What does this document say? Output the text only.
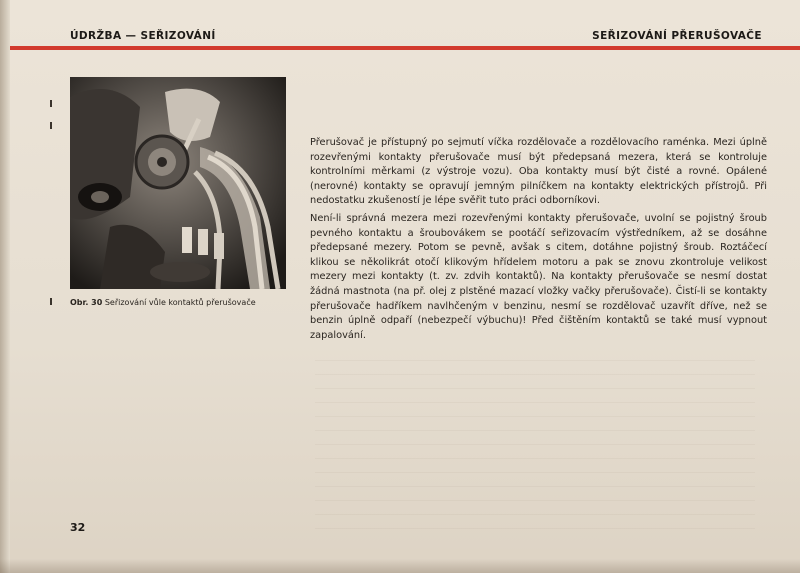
ÚDRŽBA — SEŘIZOVÁNÍ	SEŘIZOVÁNÍ PŘERUŠOVAČE
Obr. 30 Seřizování vůle kontaktů přerušovače

Přerušovač je přístupný po sejmutí víčka rozdělovače a rozdělovacího raménka. Mezi úplně rozevřenými kontakty přerušovače musí být předepsaná mezera, která se kontroluje kontrolními měrkami (z výstroje vozu). Oba kontakty musí být čisté a rovné. Opálené (nerovné) kontakty se opravují jemným pilníčkem na kontakty elektrických přístrojů. Při nedostatku zkušeností je lépe svěřit tuto práci odborníkovi.

Není-li správná mezera mezi rozevřenými kontakty přerušovače, uvolní se pojistný šroub pevného kontaktu a šroubovákem se pootáčí seřizovacím výstředníkem, až se dosáhne předepsané mezery. Potom se pevně, avšak s citem, dotáhne pojistný šroub. Roztáčecí klikou se několikrát otočí klikovým hřídelem motoru a pak se znovu zkontroluje velikost mezery mezi kontakty (t. zv. zdvih kontaktů). Na kontakty přerušovače se nesmí dostat žádná mastnota (na př. olej z plstěné mazací vložky vačky přerušovače). Čistí-li se kontakty přerušovače hadříkem navlhčeným v benzinu, nesmí se rozdělovač uzavřít dříve, než se benzin úplně odpaří (nebezpečí výbuchu)! Před čištěním kontaktů se také musí vypnout zapalování.

32
